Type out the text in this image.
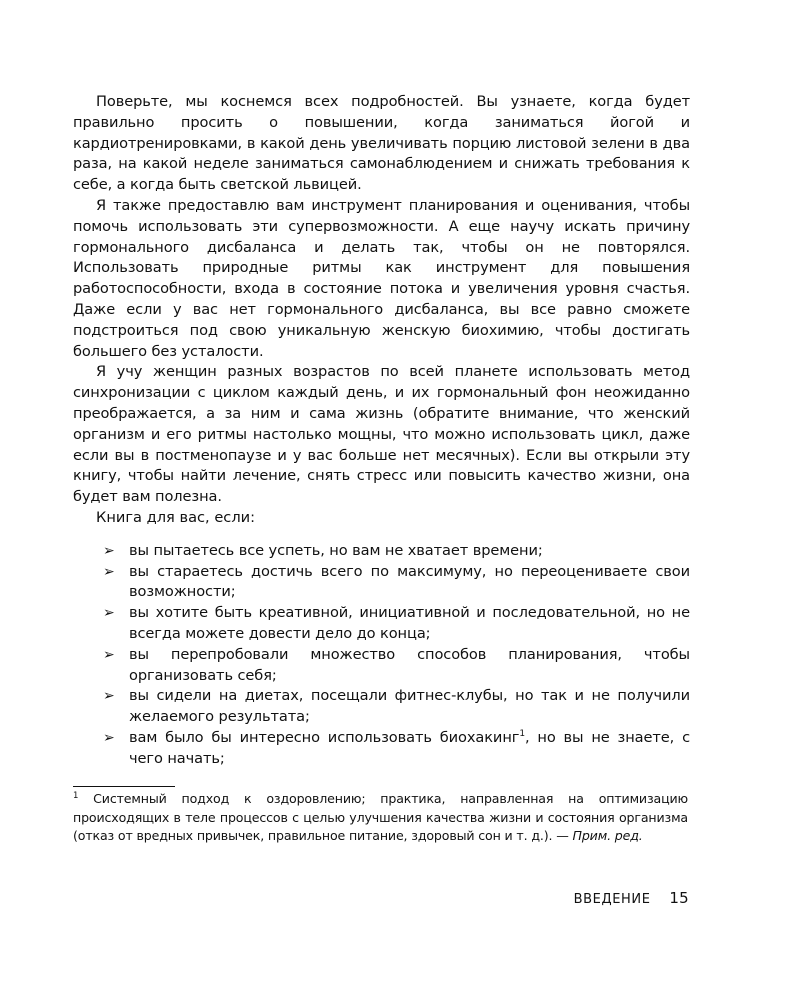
Поверьте, мы коснемся всех подробностей. Вы узнаете, когда будет правильно просить о повышении, когда заниматься йогой и кардиотренировками, в какой день увеличивать порцию листовой зелени в два раза, на какой неделе заниматься самонаблюдением и снижать требования к себе, а когда быть светской львицей.

Я также предоставлю вам инструмент планирования и оценивания, чтобы помочь использовать эти супервозможности. А еще научу искать причину гормонального дисбаланса и делать так, чтобы он не повторялся. Использовать природные ритмы как инструмент для повышения работоспособности, входа в состояние потока и увеличения уровня счастья. Даже если у вас нет гормонального дисбаланса, вы все равно сможете подстроиться под свою уникальную женскую биохимию, чтобы достигать большего без усталости.

Я учу женщин разных возрастов по всей планете использовать метод синхронизации с циклом каждый день, и их гормональный фон неожиданно преображается, а за ним и сама жизнь (обратите внимание, что женский организм и его ритмы настолько мощны, что можно использовать цикл, даже если вы в постменопаузе и у вас больше нет месячных). Если вы открыли эту книгу, чтобы найти лечение, снять стресс или повысить качество жизни, она будет вам полезна.

Книга для вас, если:

➢ вы пытаетесь все успеть, но вам не хватает времени;
➢ вы стараетесь достичь всего по максимуму, но переоцениваете свои возможности;
➢ вы хотите быть креативной, инициативной и последовательной, но не всегда можете довести дело до конца;
➢ вы перепробовали множество способов планирования, чтобы организовать себя;
➢ вы сидели на диетах, посещали фитнес-клубы, но так и не получили желаемого результата;
➢ вам было бы интересно использовать биохакинг$^1$, но вы не знаете, с чего начать;

$^1$ Системный подход к оздоровлению; практика, направленная на оптимизацию происходящих в теле процессов с целью улучшения качества жизни и состояния организма (отказ от вредных привычек, правильное питание, здоровый сон и т. д.). — Прим. ред.

ВВЕДЕНИЕ 15
